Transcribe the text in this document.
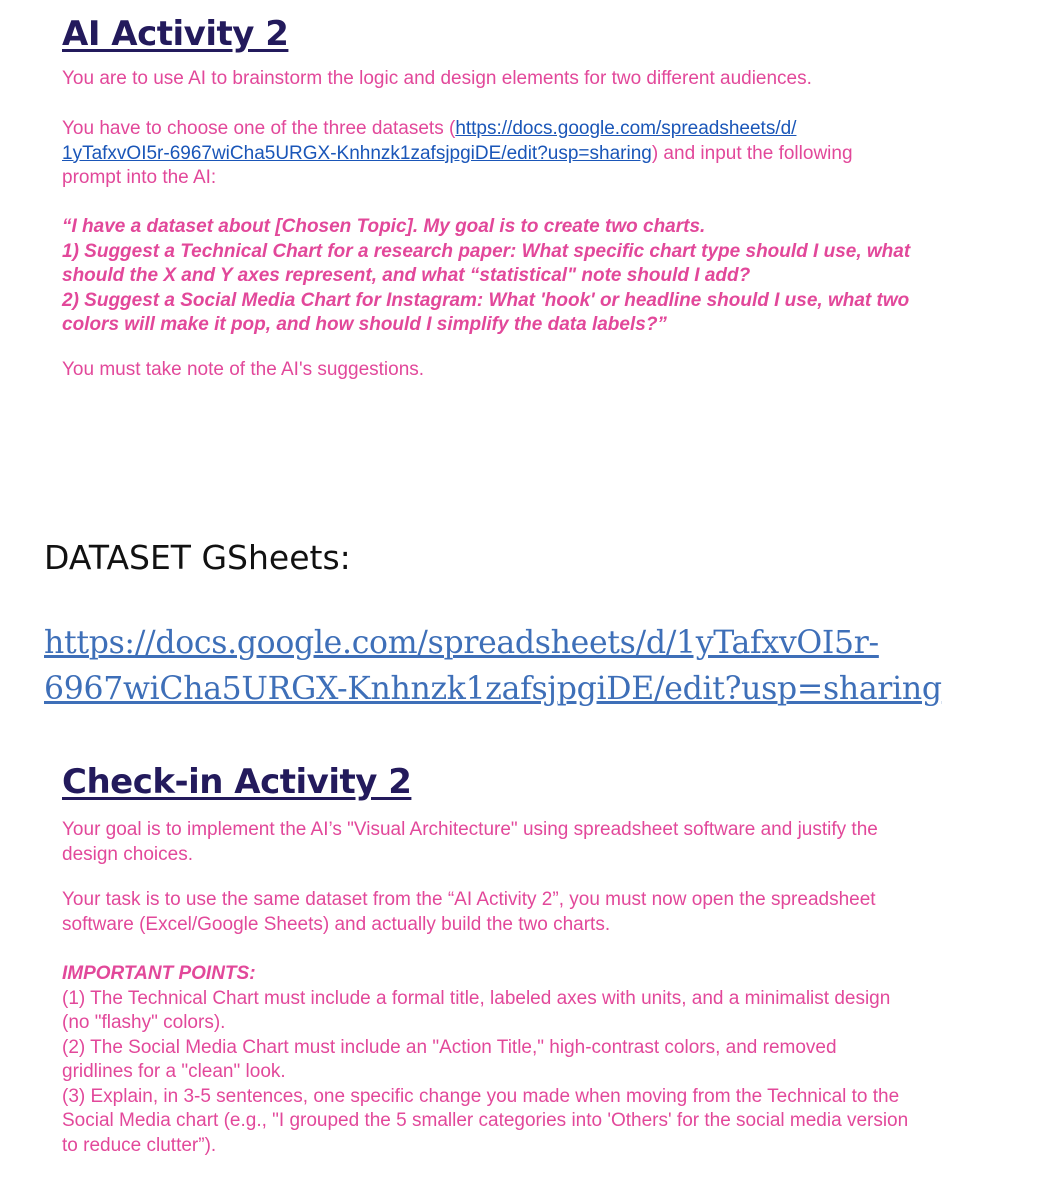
AI Activity 2

You are to use AI to brainstorm the logic and design elements for two different audiences.

You have to choose one of the three datasets (https://docs.google.com/spreadsheets/d/
1yTafxvOI5r-6967wiCha5URGX-Knhnzk1zafsjpgiDE/edit?usp=sharing) and input the following
prompt into the AI:
“I have a dataset about [Chosen Topic]. My goal is to create two charts.
1) Suggest a Technical Chart for a research paper: What specific chart type should I use, what
should the X and Y axes represent, and what “statistical" note should I add?
2) Suggest a Social Media Chart for Instagram: What 'hook' or headline should I use, what two
colors will make it pop, and how should I simplify the data labels?”

You must take note of the AI's suggestions.

DATASET GSheets:
https://docs.google.com/spreadsheets/d/1yTafxvOI5r-
6967wiCha5URGX-Knhnzk1zafsjpgiDE/edit?usp=sharing
Check-in Activity 2
Your goal is to implement the AI’s "Visual Architecture" using spreadsheet software and justify the
design choices.
Your task is to use the same dataset from the “AI Activity 2”, you must now open the spreadsheet
software (Excel/Google Sheets) and actually build the two charts.
IMPORTANT POINTS:
(1) The Technical Chart must include a formal title, labeled axes with units, and a minimalist design
(no "flashy" colors).
(2) The Social Media Chart must include an "Action Title," high-contrast colors, and removed
gridlines for a "clean" look.
(3) Explain, in 3-5 sentences, one specific change you made when moving from the Technical to the
Social Media chart (e.g., "I grouped the 5 smaller categories into 'Others' for the social media version
to reduce clutter”).
